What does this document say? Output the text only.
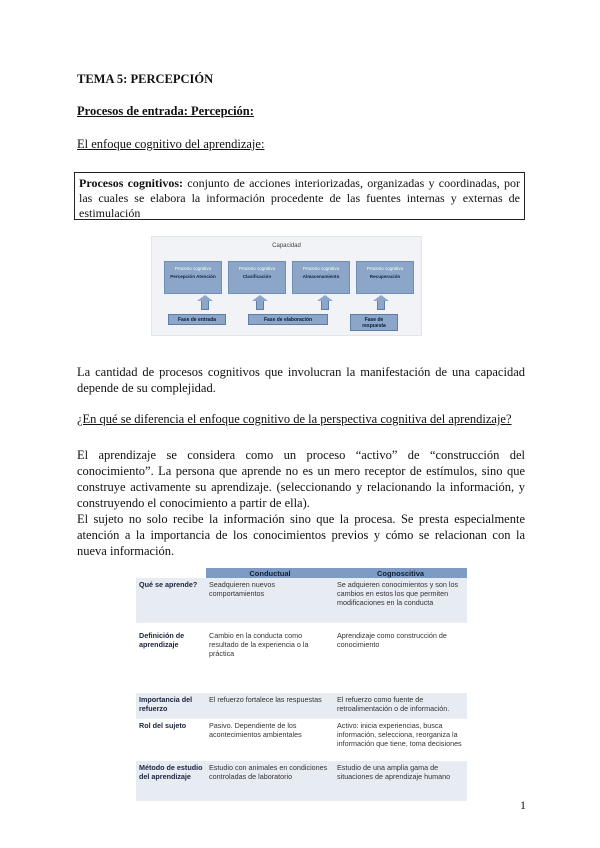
TEMA 5: PERCEPCIÓN
Procesos de entrada: Percepción:
El enfoque cognitivo del aprendizaje:
Procesos cognitivos: conjunto de acciones interiorizadas, organizadas y coordinadas, por las cuales se elabora la información procedente de las fuentes internas y externas de estimulación
Capacidad
Proceso cognitivo
Percepción Atención
Proceso cognitivo
Clasificación
Proceso cognitivo
Almacenamiento
Proceso cognitivo
Recuperación
Fase de entrada	Fase de elaboración	Fase de respuesta
La cantidad de procesos cognitivos que involucran la manifestación de una capacidad depende de su complejidad.
¿En qué se diferencia el enfoque cognitivo de la perspectiva cognitiva del aprendizaje?
El aprendizaje se considera como un proceso “activo” de “construcción del conocimiento”. La persona que aprende no es un mero receptor de estímulos, sino que construye activamente su aprendizaje. (seleccionando y relacionando la información, y construyendo el conocimiento a partir de ella).
El sujeto no solo recibe la información sino que la procesa. Se presta especialmente atención a la importancia de los conocimientos previos y cómo se relacionan con la nueva información.
	Conductual	Cognoscitiva
Qué se aprende?	Seadquieren nuevos comportamientos	Se adquieren conocimientos y son los cambios en estos los que permiten modificaciones en la conducta
Definición de aprendizaje	Cambio en la conducta como resultado de la experiencia o la práctica	Aprendizaje como construcción de conocimiento
Importancia del refuerzo	El refuerzo fortalece las respuestas	El refuerzo como fuente de retroalimentación o de información.
Rol del sujeto	Pasivo. Dependiente de los acontecimientos ambientales	Activo: inicia experiencias, busca información, selecciona, reorganiza la información que tiene, toma decisiones
Método de estudio del aprendizaje	Estudio con animales en condiciones controladas de laboratorio	Estudio de una amplia gama de situaciones de aprendizaje humano
1
